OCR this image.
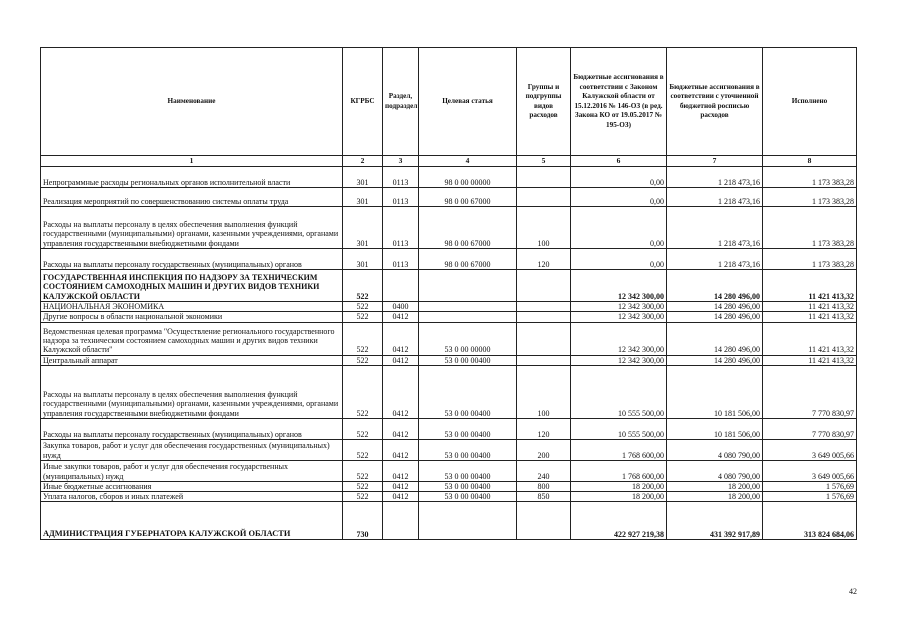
Наименование	КГРБС	Раздел, подраздел	Целевая статья	Группы и подгруппы видов расходов	Бюджетные ассигнования в соответствии с Законом Калужской области от 15.12.2016 № 146-ОЗ (в ред. Закона КО от 19.05.2017 № 195-ОЗ)	Бюджетные ассигнования в соответствии с уточненной бюджетной росписью расходов	Исполнено
1	2	3	4	5	6	7	8
Непрограммные расходы региональных органов исполнительной власти	301	0113	98 0 00 00000		0,00	1 218 473,16	1 173 383,28
Реализация мероприятий по совершенствованию системы оплаты труда	301	0113	98 0 00 67000		0,00	1 218 473,16	1 173 383,28
Расходы на выплаты персоналу в целях обеспечения выполнения функций государственными (муниципальными) органами, казенными учреждениями, органами управления государственными внебюджетными фондами	301	0113	98 0 00 67000	100	0,00	1 218 473,16	1 173 383,28
Расходы на выплаты персоналу государственных (муниципальных) органов	301	0113	98 0 00 67000	120	0,00	1 218 473,16	1 173 383,28
ГОСУДАРСТВЕННАЯ ИНСПЕКЦИЯ ПО НАДЗОРУ ЗА ТЕХНИЧЕСКИМ СОСТОЯНИЕМ САМОХОДНЫХ МАШИН И ДРУГИХ ВИДОВ ТЕХНИКИ КАЛУЖСКОЙ ОБЛАСТИ	522				12 342 300,00	14 280 496,00	11 421 413,32
НАЦИОНАЛЬНАЯ ЭКОНОМИКА	522	0400			12 342 300,00	14 280 496,00	11 421 413,32
Другие вопросы в области национальной экономики	522	0412			12 342 300,00	14 280 496,00	11 421 413,32
Ведомственная целевая программа "Осуществление регионального государственного надзора за техническим состоянием самоходных машин и других видов техники Калужской области"	522	0412	53 0 00 00000		12 342 300,00	14 280 496,00	11 421 413,32
Центральный аппарат	522	0412	53 0 00 00400		12 342 300,00	14 280 496,00	11 421 413,32
Расходы на выплаты персоналу в целях обеспечения выполнения функций государственными (муниципальными) органами, казенными учреждениями, органами управления государственными внебюджетными фондами	522	0412	53 0 00 00400	100	10 555 500,00	10 181 506,00	7 770 830,97
Расходы на выплаты персоналу государственных (муниципальных) органов	522	0412	53 0 00 00400	120	10 555 500,00	10 181 506,00	7 770 830,97
Закупка товаров, работ и услуг для обеспечения государственных (муниципальных) нужд	522	0412	53 0 00 00400	200	1 768 600,00	4 080 790,00	3 649 005,66
Иные закупки товаров, работ и услуг для обеспечения государственных (муниципальных) нужд	522	0412	53 0 00 00400	240	1 768 600,00	4 080 790,00	3 649 005,66
Иные бюджетные ассигнования	522	0412	53 0 00 00400	800	18 200,00	18 200,00	1 576,69
Уплата налогов, сборов и иных платежей	522	0412	53 0 00 00400	850	18 200,00	18 200,00	1 576,69
АДМИНИСТРАЦИЯ ГУБЕРНАТОРА КАЛУЖСКОЙ ОБЛАСТИ	730				422 927 219,38	431 392 917,89	313 824 684,06
42
